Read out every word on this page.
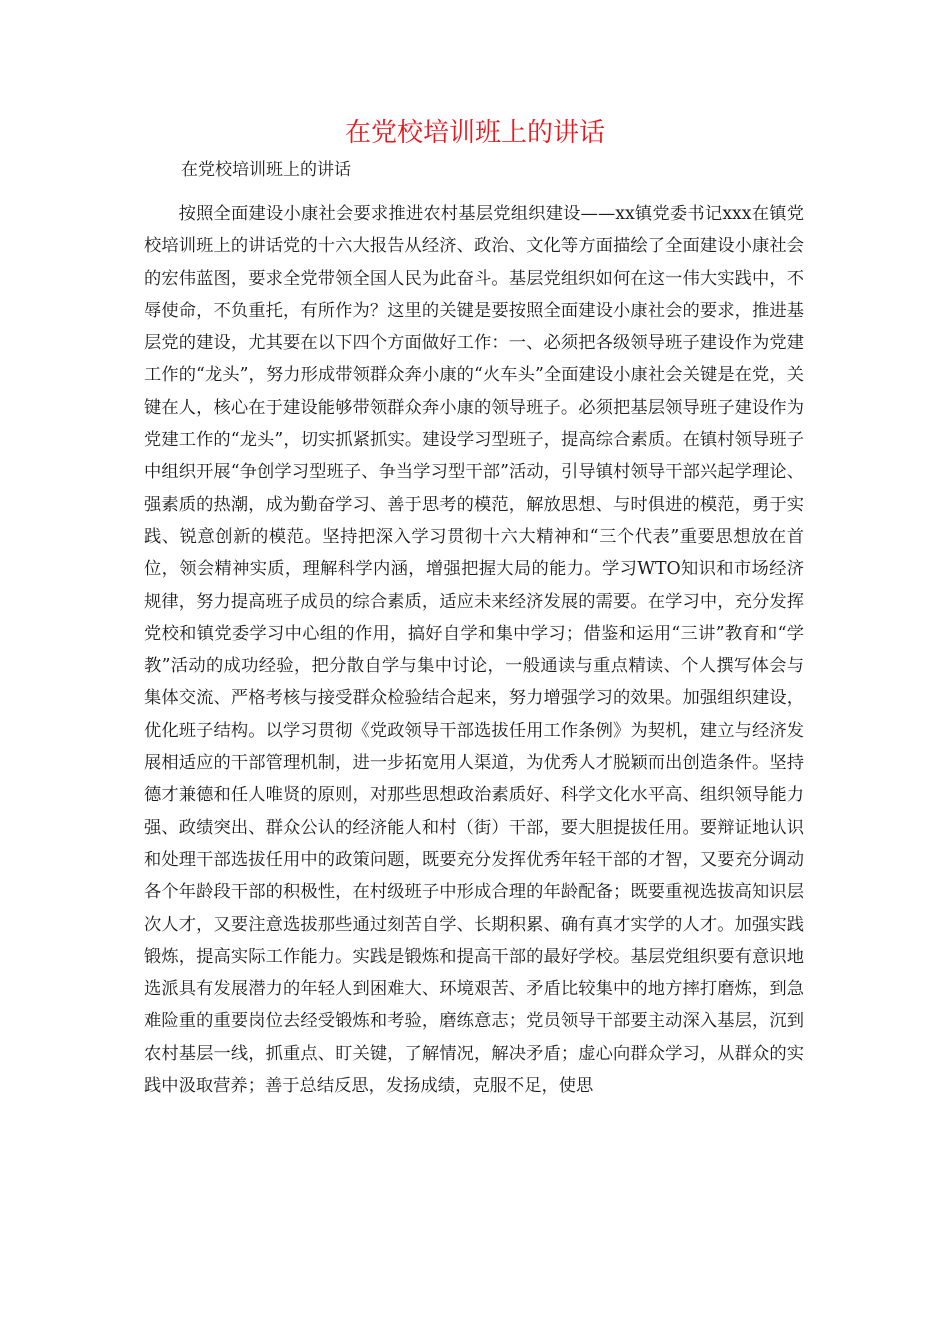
在党校培训班上的讲话

在党校培训班上的讲话

按照全面建设小康社会要求推进农村基层党组织建设——xx镇党委书记xxx在镇党校培训班上的讲话党的十六大报告从经济、政治、文化等方面描绘了全面建设小康社会的宏伟蓝图，要求全党带领全国人民为此奋斗。基层党组织如何在这一伟大实践中，不辱使命，不负重托，有所作为？这里的关键是要按照全面建设小康社会的要求，推进基层党的建设，尤其要在以下四个方面做好工作：一、必须把各级领导班子建设作为党建工作的“龙头”，努力形成带领群众奔小康的“火车头”全面建设小康社会关键是在党，关键在人，核心在于建设能够带领群众奔小康的领导班子。必须把基层领导班子建设作为党建工作的“龙头”，切实抓紧抓实。建设学习型班子，提高综合素质。在镇村领导班子中组织开展“争创学习型班子、争当学习型干部”活动，引导镇村领导干部兴起学理论、强素质的热潮，成为勤奋学习、善于思考的模范，解放思想、与时俱进的模范，勇于实践、锐意创新的模范。坚持把深入学习贯彻十六大精神和“三个代表”重要思想放在首位，领会精神实质，理解科学内涵，增强把握大局的能力。学习WTO知识和市场经济规律，努力提高班子成员的综合素质，适应未来经济发展的需要。在学习中，充分发挥党校和镇党委学习中心组的作用，搞好自学和集中学习；借鉴和运用“三讲”教育和“学教”活动的成功经验，把分散自学与集中讨论，一般通读与重点精读、个人撰写体会与集体交流、严格考核与接受群众检验结合起来，努力增强学习的效果。加强组织建设，优化班子结构。以学习贯彻《党政领导干部选拔任用工作条例》为契机，建立与经济发展相适应的干部管理机制，进一步拓宽用人渠道，为优秀人才脱颖而出创造条件。坚持德才兼德和任人唯贤的原则，对那些思想政治素质好、科学文化水平高、组织领导能力强、政绩突出、群众公认的经济能人和村（街）干部，要大胆提拔任用。要辩证地认识和处理干部选拔任用中的政策问题，既要充分发挥优秀年轻干部的才智，又要充分调动各个年龄段干部的积极性，在村级班子中形成合理的年龄配备；既要重视选拔高知识层次人才，又要注意选拔那些通过刻苦自学、长期积累、确有真才实学的人才。加强实践锻炼，提高实际工作能力。实践是锻炼和提高干部的最好学校。基层党组织要有意识地选派具有发展潜力的年轻人到困难大、环境艰苦、矛盾比较集中的地方摔打磨炼，到急难险重的重要岗位去经受锻炼和考验，磨练意志；党员领导干部要主动深入基层，沉到农村基层一线，抓重点、盯关键，了解情况，解决矛盾；虚心向群众学习，从群众的实践中汲取营养；善于总结反思，发扬成绩，克服不足，使思
